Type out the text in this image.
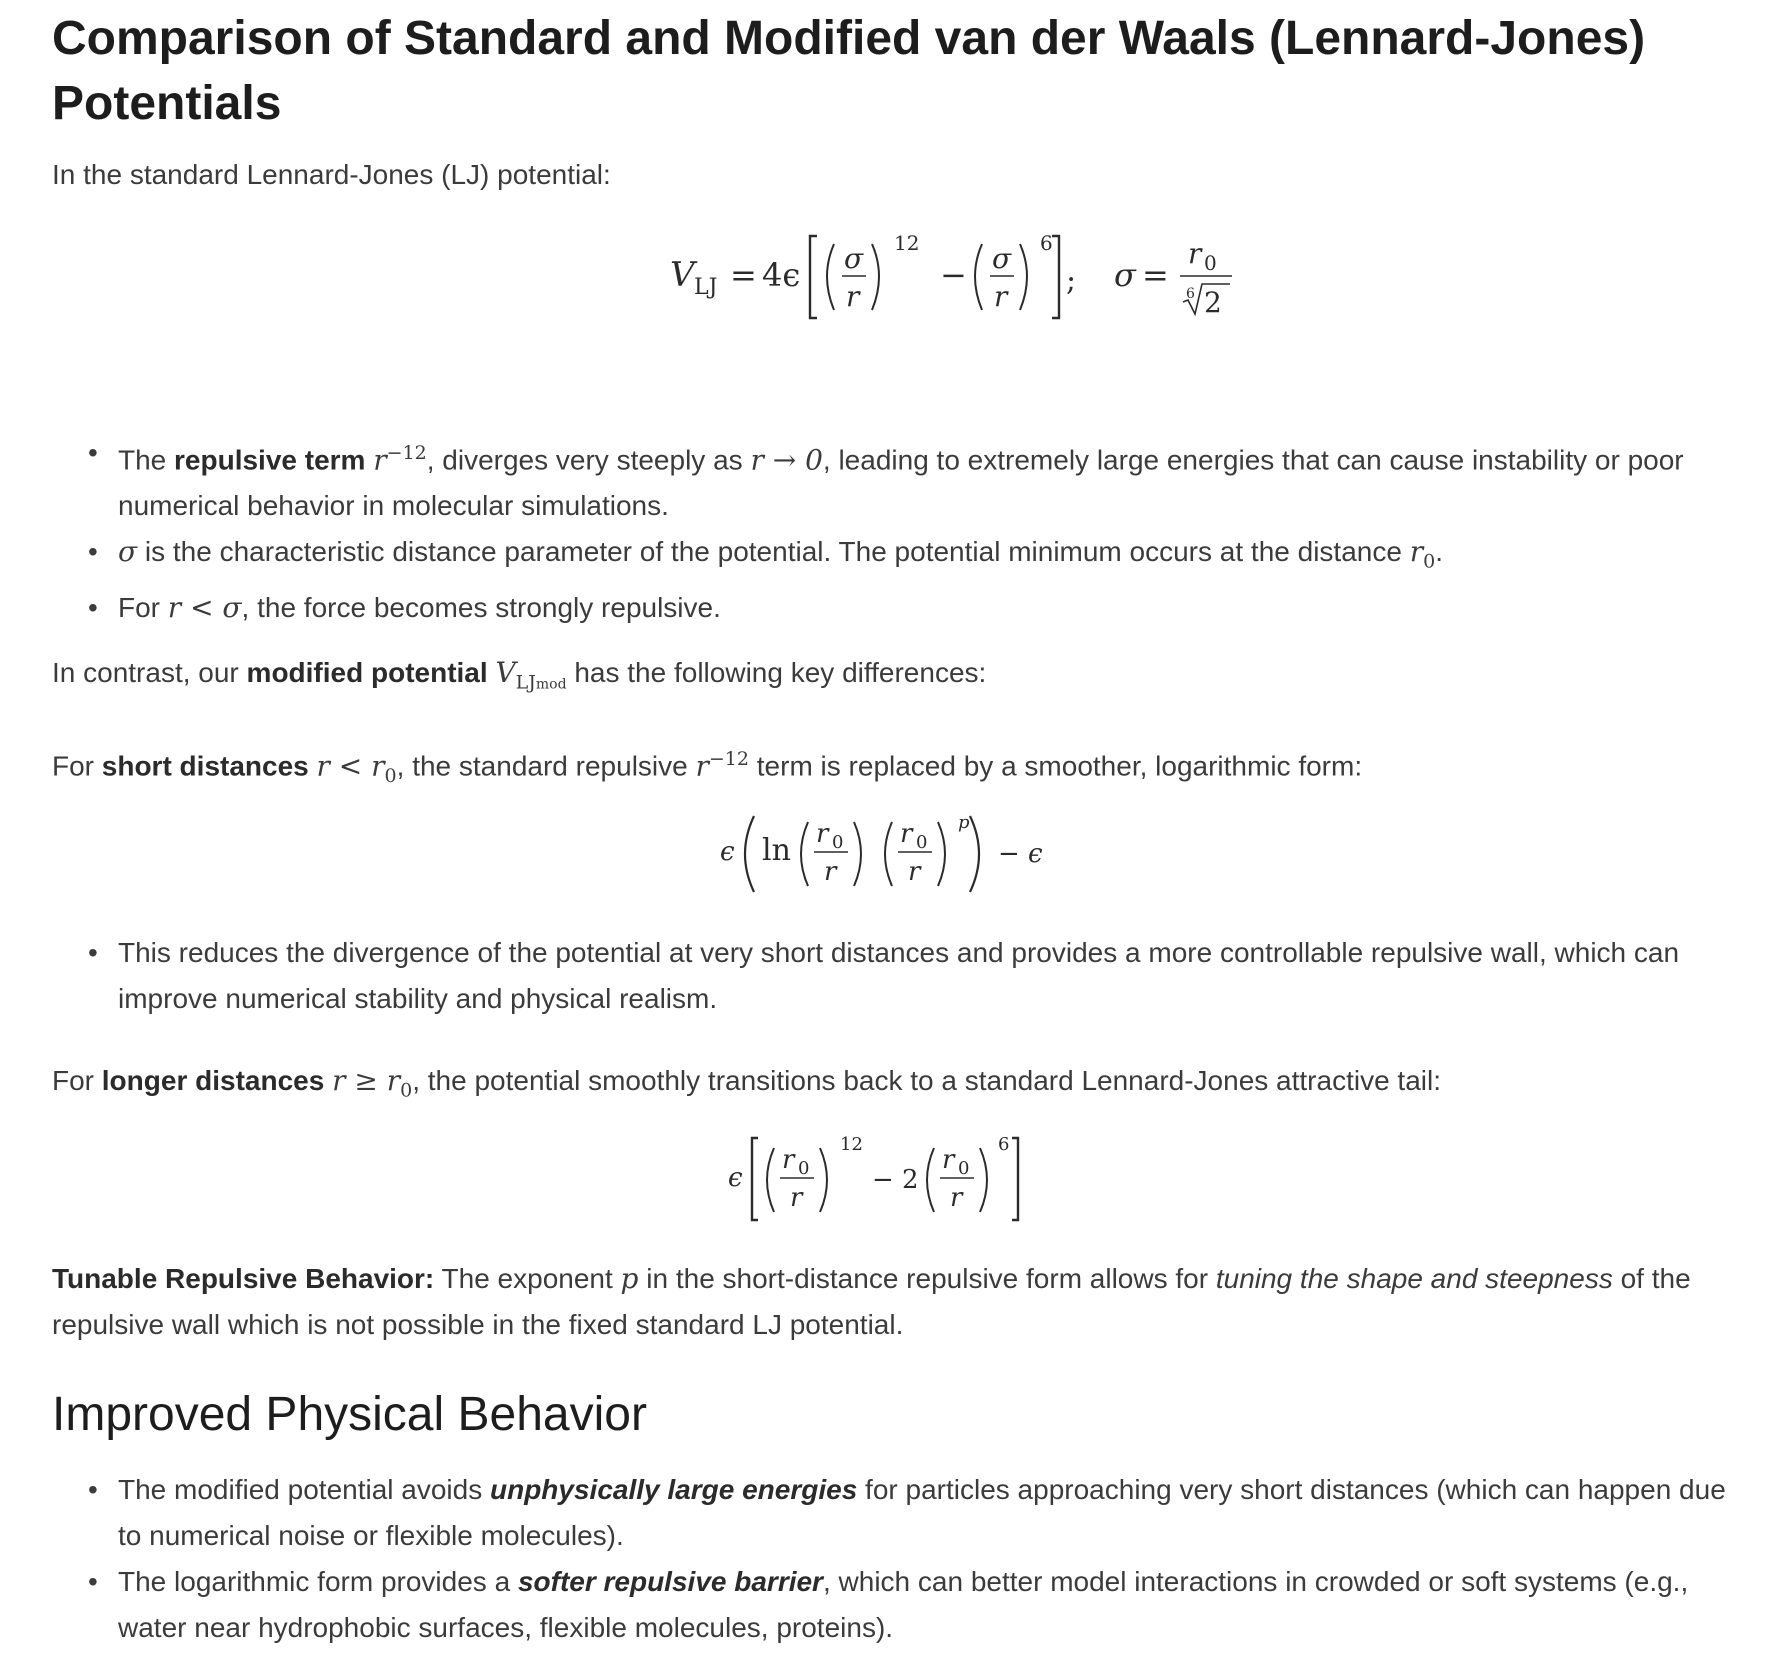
Comparison of Standard and Modified van der Waals (Lennard-Jones) Potentials

In the standard Lennard-Jones (LJ) potential:

V LJ = 4ϵ σ
r
12
− σ
r
6
; σ =
r 0
6 2
• The repulsive term $r^{-12}$, diverges very steeply as r → 0, leading to extremely large energies that can cause instability or poor numerical behavior in molecular simulations.
• σ is the characteristic distance parameter of the potential. The potential minimum occurs at the distance $r_0$.
• For r < σ, the force becomes strongly repulsive.

In contrast, our modified potential $V_{LJmod}$ has the following key differences:

For short distances $r < r_0$, the standard repulsive $r^{-12}$ term is replaced by a smoother, logarithmic form:

ϵ ln r 0
r
r 0
r
p
− ϵ
• This reduces the divergence of the potential at very short distances and provides a more controllable repulsive wall, which can improve numerical stability and physical realism.

For longer distances $r \ge r_0$, the potential smoothly transitions back to a standard Lennard-Jones attractive tail:

ϵ
r 0
r
12
− 2
r 0
r
6

Tunable Repulsive Behavior: The exponent p in the short-distance repulsive form allows for tuning the shape and steepness of the repulsive wall which is not possible in the fixed standard LJ potential.

Improved Physical Behavior
• The modified potential avoids unphysically large energies for particles approaching very short distances (which can happen due to numerical noise or flexible molecules).
• The logarithmic form provides a softer repulsive barrier, which can better model interactions in crowded or soft systems (e.g., water near hydrophobic surfaces, flexible molecules, proteins).
